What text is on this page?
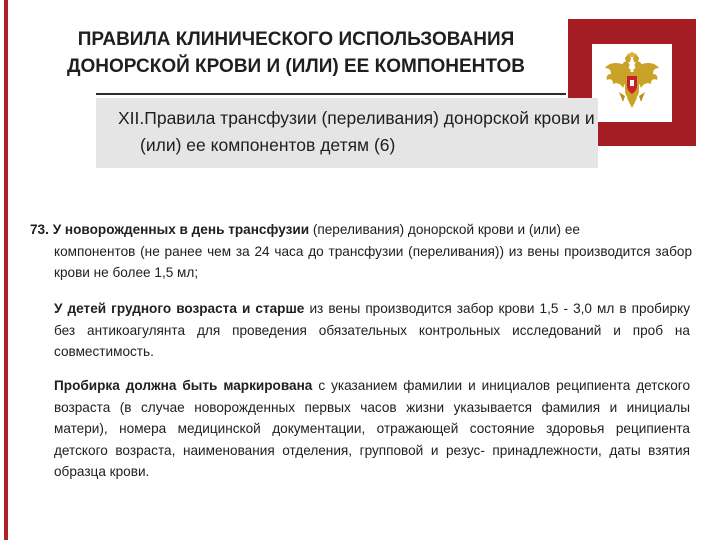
ПРАВИЛА КЛИНИЧЕСКОГО ИСПОЛЬЗОВАНИЯ
ДОНОРСКОЙ КРОВИ И (ИЛИ) ЕЕ КОМПОНЕНТОВ
XII.Правила трансфузии (переливания) донорской крови и
(или) ее компонентов детям (6)
73. У новорожденных в день трансфузии (переливания) донорской крови и (или) ее
компонентов (не ранее чем за 24 часа до трансфузии (переливания)) из вены производится забор крови не более 1,5 мл;
У детей грудного возраста и старше из вены производится забор крови 1,5 - 3,0 мл в пробирку без антикоагулянта для проведения обязательных контрольных исследований и проб на совместимость.
Пробирка должна быть маркирована с указанием фамилии и инициалов реципиента детского возраста (в случае новорожденных первых часов жизни указывается фамилия и инициалы матери), номера медицинской документации, отражающей состояние здоровья реципиента детского возраста, наименования отделения, групповой и резус- принадлежности, даты взятия образца крови.
